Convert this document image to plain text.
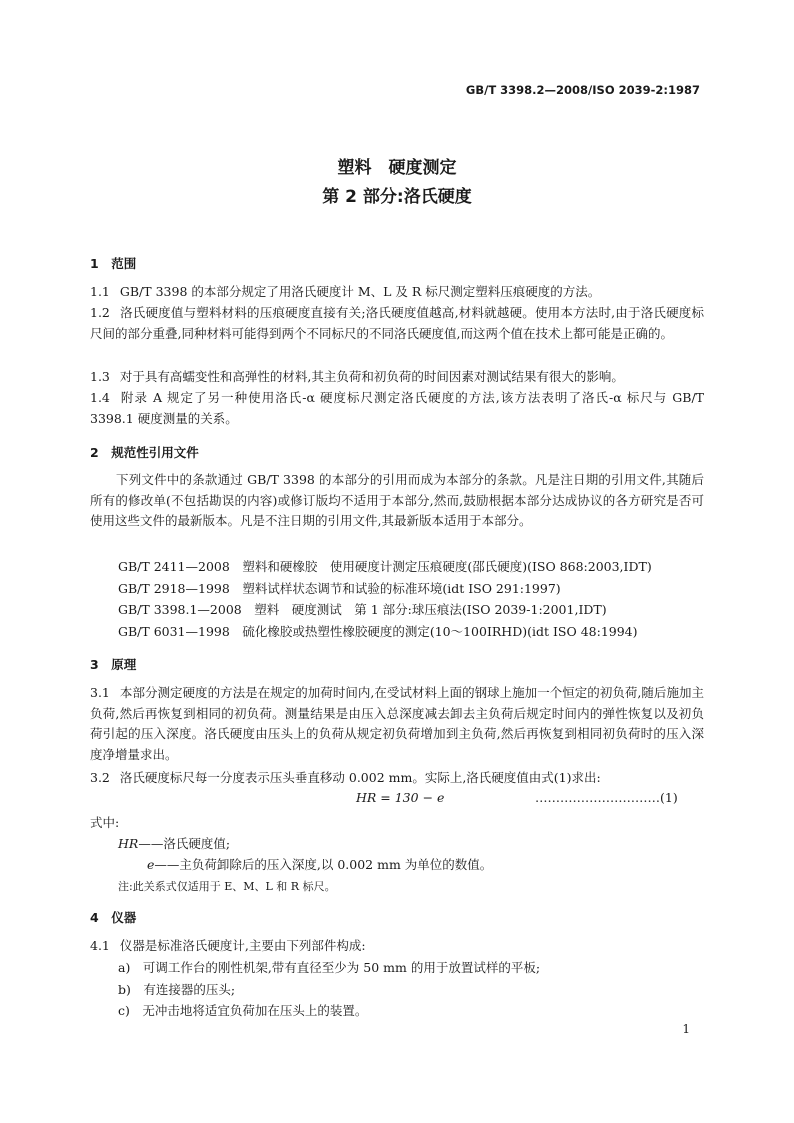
GB/T 3398.2—2008/ISO 2039-2:1987
塑料　硬度测定
第 2 部分:洛氏硬度
1　范围
1.1 GB/T 3398 的本部分规定了用洛氏硬度计 M、L 及 R 标尺测定塑料压痕硬度的方法。
1.2 洛氏硬度值与塑料材料的压痕硬度直接有关;洛氏硬度值越高,材料就越硬。使用本方法时,由于洛氏硬度标尺间的部分重叠,同种材料可能得到两个不同标尺的不同洛氏硬度值,而这两个值在技术上都可能是正确的。
1.3 对于具有高蠕变性和高弹性的材料,其主负荷和初负荷的时间因素对测试结果有很大的影响。
1.4 附录 A 规定了另一种使用洛氏-α 硬度标尺测定洛氏硬度的方法,该方法表明了洛氏-α 标尺与 GB/T 3398.1 硬度测量的关系。
2　规范性引用文件
下列文件中的条款通过 GB/T 3398 的本部分的引用而成为本部分的条款。凡是注日期的引用文件,其随后所有的修改单(不包括勘误的内容)或修订版均不适用于本部分,然而,鼓励根据本部分达成协议的各方研究是否可使用这些文件的最新版本。凡是不注日期的引用文件,其最新版本适用于本部分。
GB/T 2411—2008　塑料和硬橡胶　使用硬度计测定压痕硬度(邵氏硬度)(ISO 868:2003,IDT)
GB/T 2918—1998　塑料试样状态调节和试验的标准环境(idt ISO 291:1997)
GB/T 3398.1—2008　塑料　硬度测试　第 1 部分:球压痕法(ISO 2039-1:2001,IDT)
GB/T 6031—1998　硫化橡胶或热塑性橡胶硬度的测定(10～100IRHD)(idt ISO 48:1994)
3　原理
3.1 本部分测定硬度的方法是在规定的加荷时间内,在受试材料上面的钢球上施加一个恒定的初负荷,随后施加主负荷,然后再恢复到相同的初负荷。测量结果是由压入总深度减去卸去主负荷后规定时间内的弹性恢复以及初负荷引起的压入深度。洛氏硬度由压头上的负荷从规定初负荷增加到主负荷,然后再恢复到相同初负荷时的压入深度净增量求出。
3.2 洛氏硬度标尺每一分度表示压头垂直移动 0.002 mm。实际上,洛氏硬度值由式(1)求出:
HR = 130 − e	…………………………(1)
式中:
HR——洛氏硬度值;
e——主负荷卸除后的压入深度,以 0.002 mm 为单位的数值。
注:此关系式仅适用于 E、M、L 和 R 标尺。
4　仪器
4.1 仪器是标准洛氏硬度计,主要由下列部件构成:
a)　可调工作台的刚性机架,带有直径至少为 50 mm 的用于放置试样的平板;
b)　有连接器的压头;
c)　无冲击地将适宜负荷加在压头上的装置。
1
